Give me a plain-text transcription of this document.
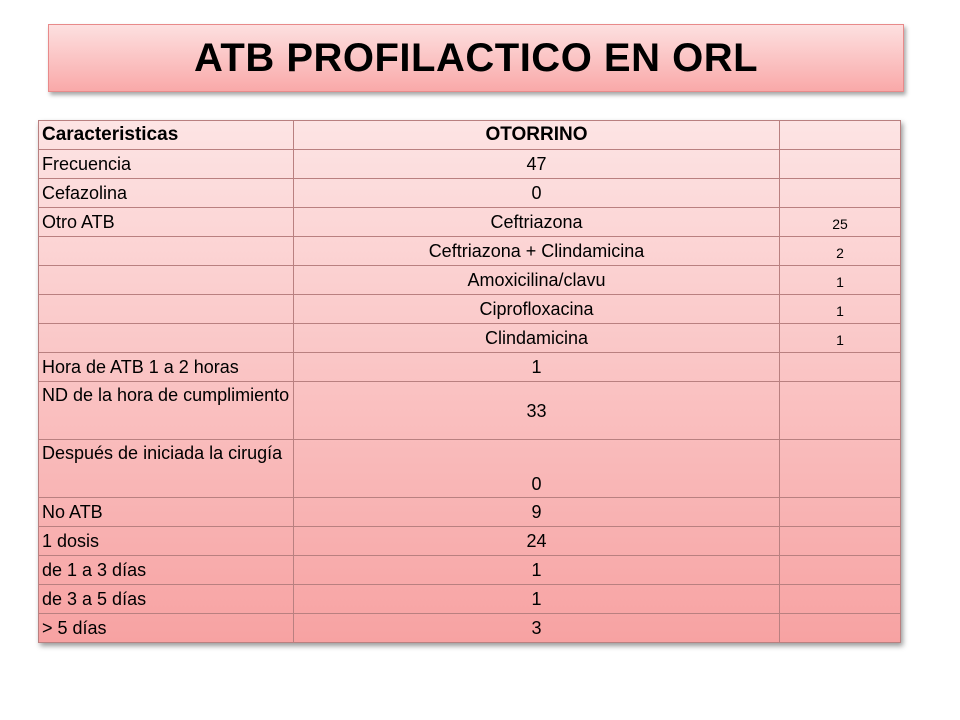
ATB PROFILACTICO EN ORL
Caracteristicas	OTORRINO	
Frecuencia	47	
Cefazolina	0	
Otro ATB	Ceftriazona	25
	Ceftriazona + Clindamicina	2
	Amoxicilina/clavu	1
	Ciprofloxacina	1
	Clindamicina	1
Hora de ATB 1 a 2 horas	1	
ND de la hora de cumplimiento	33	
Después de iniciada la cirugía	0	
No ATB	9	
1 dosis	24	
de 1 a 3 días	1	
de 3 a 5 días	1	
> 5 días	3	
